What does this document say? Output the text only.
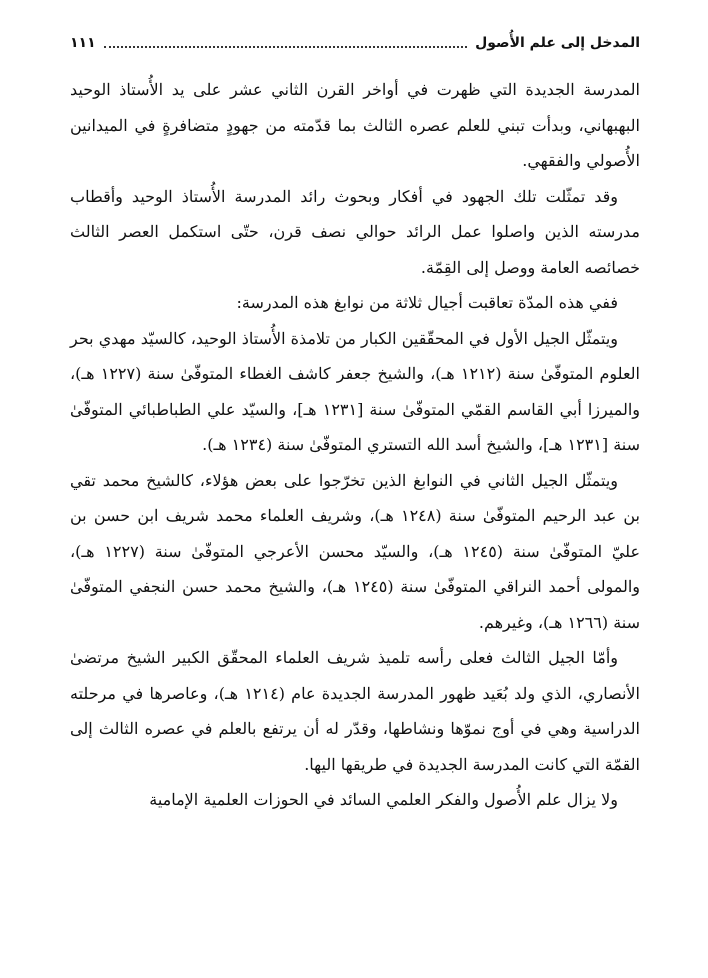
المدخل إلى علم الأُصول
١١١

المدرسة الجديدة التي ظهرت في أواخر القرن الثاني عشر على يد الأُستاذ الوحيد البهبهاني، وبدأت تبني للعلم عصره الثالث بما قدّمته من جهودٍ متضافرةٍ في الميدانين الأُصولي والفقهي.

وقد تمثّلت تلك الجهود في أفكار وبحوث رائد المدرسة الأُستاذ الوحيد وأقطاب مدرسته الذين واصلوا عمل الرائد حوالي نصف قرن، حتّى استكمل العصر الثالث خصائصه العامة ووصل إلى القِمّة.

ففي هذه المدّة تعاقبت أجيال ثلاثة من نوابغ هذه المدرسة:

ويتمثّل الجيل الأول في المحقّقين الكبار من تلامذة الأُستاذ الوحيد، كالسيّد مهدي بحر العلوم المتوفّىٰ سنة (١٢١٢ هـ)، والشيخ جعفر كاشف الغطاء المتوفّىٰ سنة (١٢٢٧ هـ)، والميرزا أبي القاسم القمّي المتوفّىٰ سنة [١٢٣١ هـ]، والسيّد علي الطباطبائي المتوفّىٰ سنة [١٢٣١ هـ]، والشيخ أسد الله التستري المتوفّىٰ سنة (١٢٣٤ هـ).

ويتمثّل الجيل الثاني في النوابغ الذين تخرّجوا على بعض هؤلاء، كالشيخ محمد تقي بن عبد الرحيم المتوفّىٰ سنة (١٢٤٨ هـ)، وشريف العلماء محمد شريف ابن حسن بن عليّ المتوفّىٰ سنة (١٢٤٥ هـ)، والسيّد محسن الأعرجي المتوفّىٰ سنة (١٢٢٧ هـ)، والمولى أحمد النراقي المتوفّىٰ سنة (١٢٤٥ هـ)، والشيخ محمد حسن النجفي المتوفّىٰ سنة (١٢٦٦ هـ)، وغيرهم.

وأمّا الجيل الثالث فعلى رأسه تلميذ شريف العلماء المحقّق الكبير الشيخ مرتضىٰ الأنصاري، الذي ولد بُعَيد ظهور المدرسة الجديدة عام (١٢١٤ هـ)، وعاصرها في مرحلته الدراسية وهي في أوج نموّها ونشاطها، وقدّر له أن يرتفع بالعلم في عصره الثالث إلى القمّة التي كانت المدرسة الجديدة في طريقها اليها.

ولا يزال علم الأُصول والفكر العلمي السائد في الحوزات العلمية الإمامية
